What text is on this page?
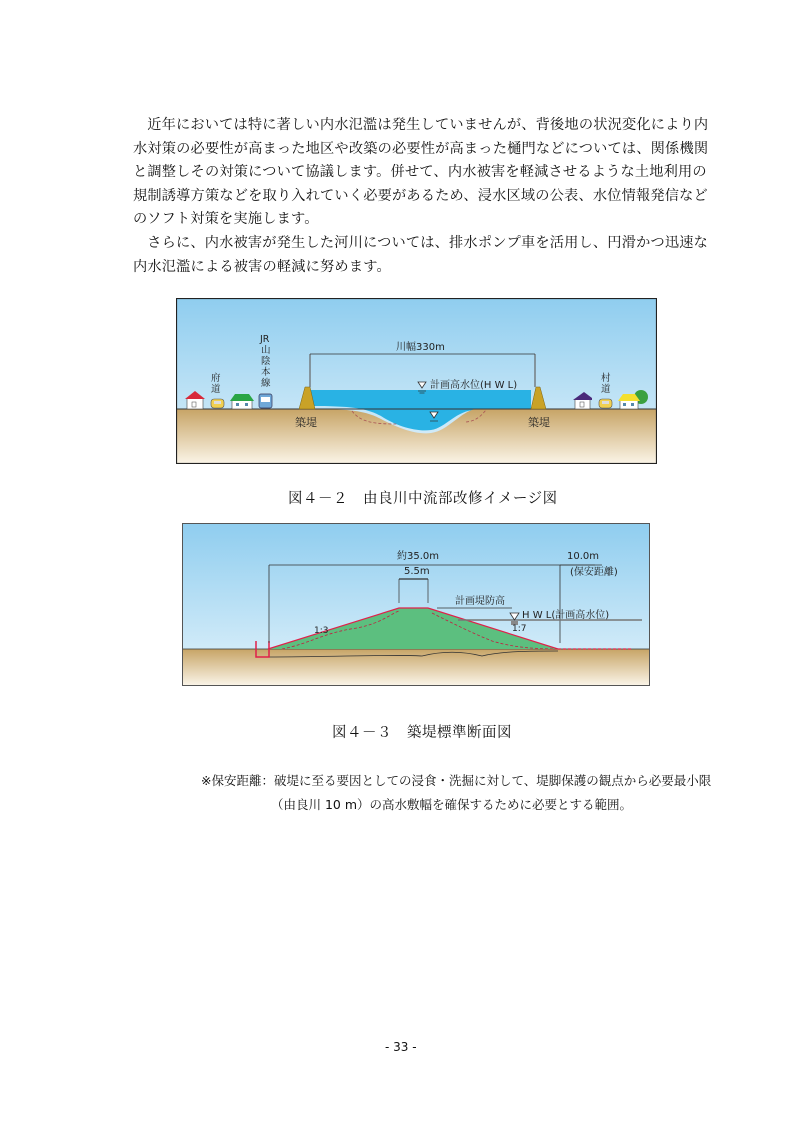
近年においては特に著しい内水氾濫は発生していませんが、背後地の状況変化により内水対策の必要性が高まった地区や改築の必要性が高まった樋門などについては、関係機関と調整しその対策について協議します。併せて、内水被害を軽減させるような土地利用の規制誘導方策などを取り入れていく必要があるため、浸水区域の公表、水位情報発信などのソフト対策を実施します。

さらに、内水被害が発生した河川については、排水ポンプ車を活用し、円滑かつ迅速な内水氾濫による被害の軽減に努めます。

川幅330m
計画高水位(H W L)
築堤	築堤
府
道
JR
山
陰
本
線	村
道
図４－２　由良川中流部改修イメージ図
約35.0m
5.5m
10.0m
(保安距離)
計画堤防高
H W L(計画高水位)
1:3	1:7
図４－３　築堤標準断面図
※保安距離：破堤に至る要因としての浸食・洗掘に対して、堤脚保護の観点から必要最小限
（由良川 10 m）の高水敷幅を確保するために必要とする範囲。
- 33 -
